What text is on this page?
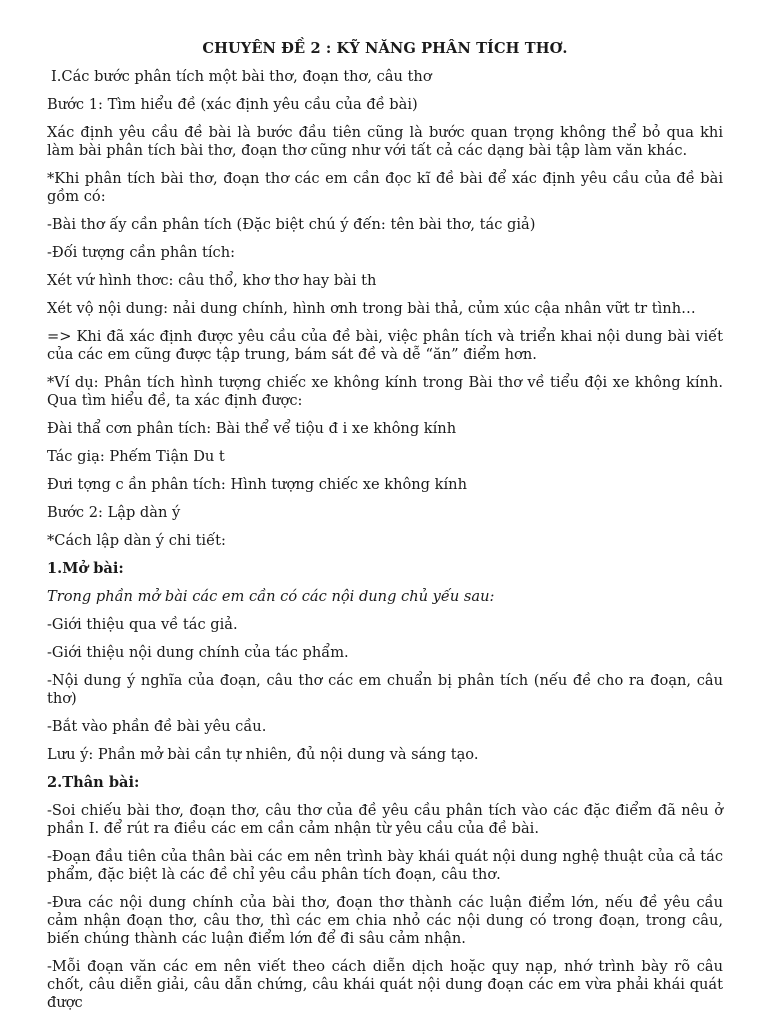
CHUYÊN ĐỀ 2 : KỸ NĂNG PHÂN TÍCH THƠ.
I.Các bước phân tích một bài thơ, đoạn thơ, câu thơ
Bước 1: Tìm hiểu đề (xác định yêu cầu của đề bài)
Xác định yêu cầu đề bài là bước đầu tiên cũng là bước quan trọng không thể bỏ qua khi làm bài phân tích bài thơ, đoạn thơ cũng như với tất cả các dạng bài tập làm văn khác.
*Khi phân tích bài thơ, đoạn thơ các em cần đọc kĩ đề bài để xác định yêu cầu của đề bài gồm có:
-Bài thơ ấy cần phân tích (Đặc biệt chú ý đến: tên bài thơ, tác giả)
-Đối tượng cần phân tích:
Xét vứ hình thơc: câu thổ, khơ thơ hay bài th
Xét vộ nội dung: nải dung chính, hình ơnh trong bài thả, củm xúc cậa nhân vữt tr tình…
=> Khi đã xác định được yêu cầu của đề bài, việc phân tích và triển khai nội dung bài viết của các em cũng được tập trung, bám sát đề và dễ “ăn” điểm hơn.
*Ví dụ: Phân tích hình tượng chiếc xe không kính trong Bài thơ về tiểu đội xe không kính. Qua tìm hiểu đề, ta xác định được:
Đài thẩ cơn phân tích: Bài thể vể tiộu đ i xe không kính
Tác giạ: Phếm Tiận Du t
Đưi tợng c ần phân tích: Hình tượng chiếc xe không kính
Bước 2: Lập dàn ý
*Cách lập dàn ý chi tiết:
1.Mở bài:
Trong phần mở bài các em cần có các nội dung chủ yếu sau:
-Giới thiệu qua về tác giả.
-Giới thiệu nội dung chính của tác phẩm.
-Nội dung ý nghĩa của đoạn, câu thơ các em chuẩn bị phân tích (nếu đề cho ra đoạn, câu thơ)
-Bắt vào phần đề bài yêu cầu.
Lưu ý: Phần mở bài cần tự nhiên, đủ nội dung và sáng tạo.
2.Thân bài:
-Soi chiếu bài thơ, đoạn thơ, câu thơ của đề yêu cầu phân tích vào các đặc điểm đã nêu ở phần I. để rút ra điều các em cần cảm nhận từ yêu cầu của đề bài.
-Đoạn đầu tiên của thân bài các em nên trình bày khái quát nội dung nghệ thuật của cả tác phẩm, đặc biệt là các đề chỉ yêu cầu phân tích đoạn, câu thơ.
-Đưa các nội dung chính của bài thơ, đoạn thơ thành các luận điểm lớn, nếu đề yêu cầu cảm nhận đoạn thơ, câu thơ, thì các em chia nhỏ các nội dung có trong đoạn, trong câu, biến chúng thành các luận điểm lớn để đi sâu cảm nhận.
-Mỗi đoạn văn các em nên viết theo cách diễn dịch hoặc quy nạp, nhớ trình bày rõ câu chốt, câu diễn giải, câu dẫn chứng, câu khái quát nội dung đoạn các em vừa phải khái quát được
